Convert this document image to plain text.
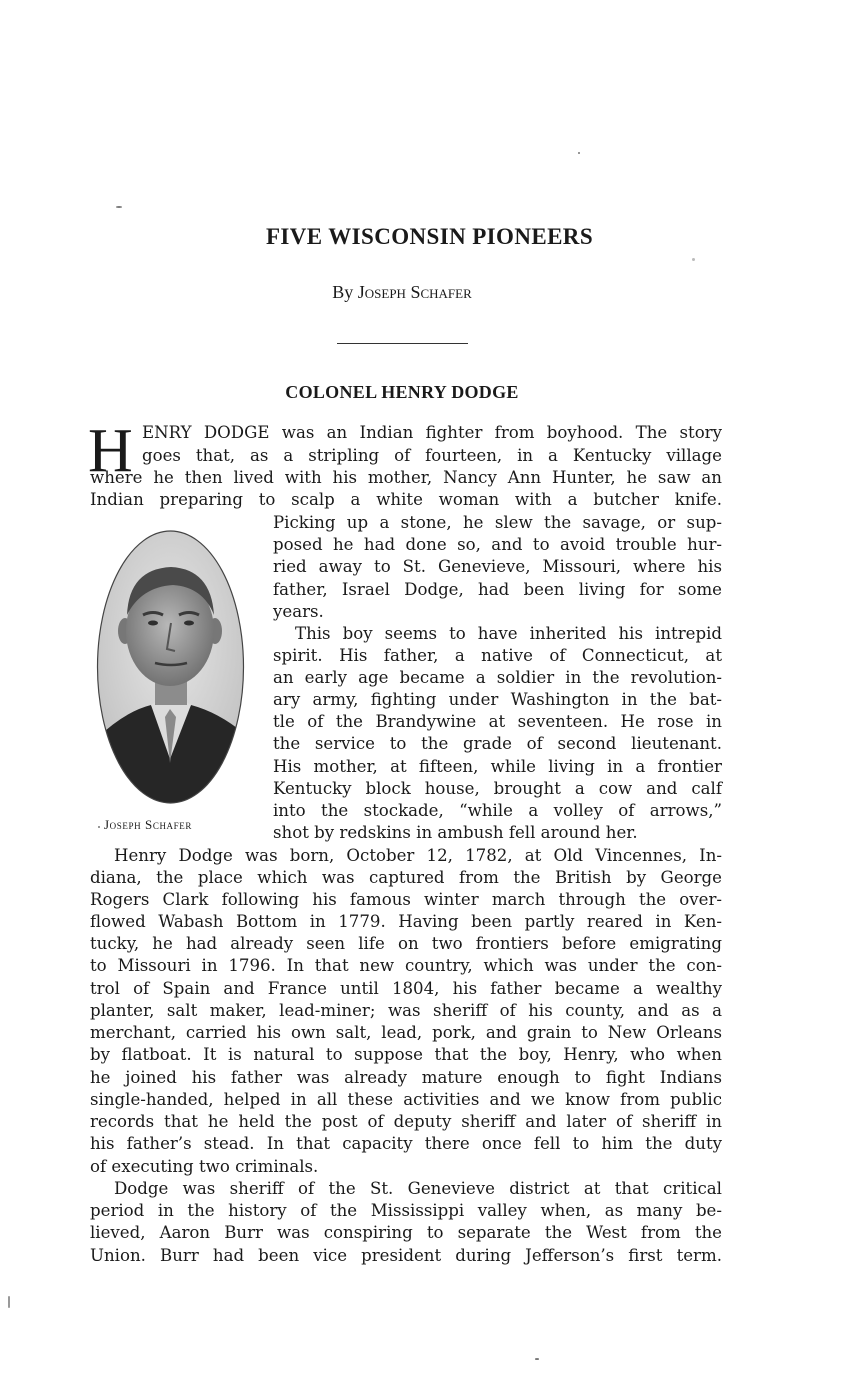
FIVE WISCONSIN PIONEERS
By Joseph Schafer
COLONEL HENRY DODGE
H ENRY DODGE was an Indian fighter from boyhood. The story

goes that, as a stripling of fourteen, in a Kentucky village

where he then lived with his mother, Nancy Ann Hunter, he saw an

Indian preparing to scalp a white woman with a butcher knife.

Picking up a stone, he slew the savage, or sup-

posed he had done so, and to avoid trouble hur-

ried away to St. Genevieve, Missouri, where his

father, Israel Dodge, had been living for some

years.

This boy seems to have inherited his intrepid

spirit. His father, a native of Connecticut, at

an early age became a soldier in the revolution-

ary army, fighting under Washington in the bat-

tle of the Brandywine at seventeen. He rose in

the service to the grade of second lieutenant.

His mother, at fifteen, while living in a frontier

Kentucky block house, brought a cow and calf

into the stockade, “while a volley of arrows,”

shot by redskins in ambush fell around her.

Henry Dodge was born, October 12, 1782, at Old Vincennes, In-

diana, the place which was captured from the British by George

Rogers Clark following his famous winter march through the over-

flowed Wabash Bottom in 1779. Having been partly reared in Ken-

tucky, he had already seen life on two frontiers before emigrating

to Missouri in 1796. In that new country, which was under the con-

trol of Spain and France until 1804, his father became a wealthy

planter, salt maker, lead-miner; was sheriff of his county, and as a

merchant, carried his own salt, lead, pork, and grain to New Orleans

by flatboat. It is natural to suppose that the boy, Henry, who when

he joined his father was already mature enough to fight Indians

single-handed, helped in all these activities and we know from public

records that he held the post of deputy sheriff and later of sheriff in

his father’s stead. In that capacity there once fell to him the duty

of executing two criminals.

Dodge was sheriff of the St. Genevieve district at that critical

period in the history of the Mississippi valley when, as many be-

lieved, Aaron Burr was conspiring to separate the West from the

Union. Burr had been vice president during Jefferson’s first term.

Joseph Schafer
